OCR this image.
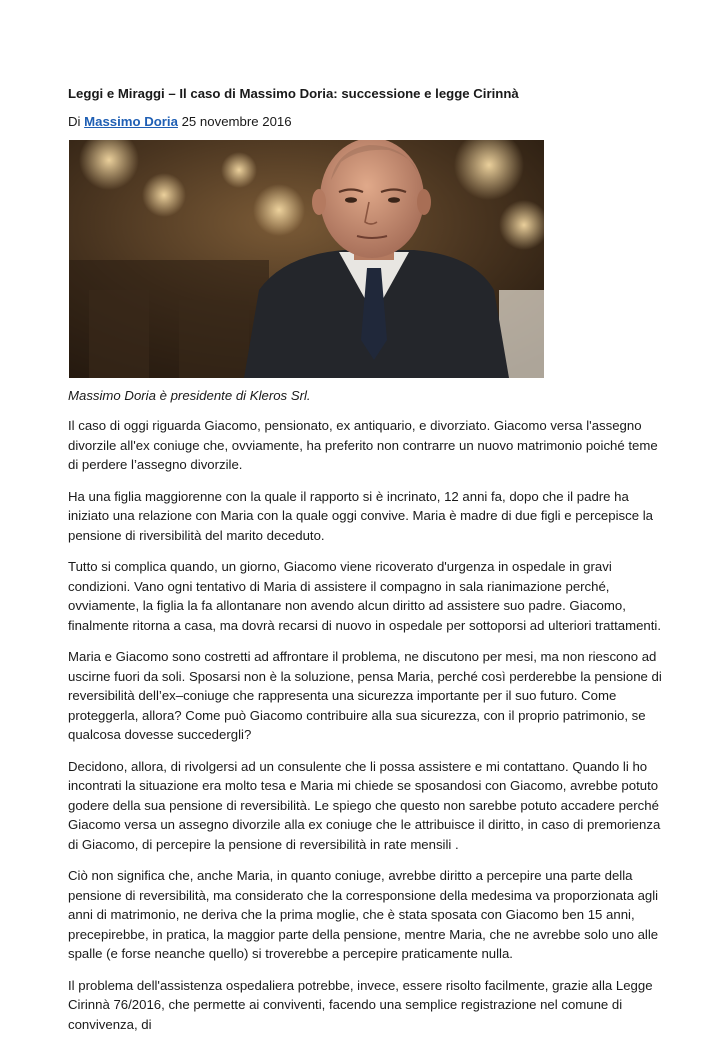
Leggi e Miraggi – Il caso di Massimo Doria: successione e legge Cirinnà

Di Massimo Doria 25 novembre 2016

Massimo Doria è presidente di Kleros Srl.

Il caso di oggi riguarda Giacomo, pensionato, ex antiquario, e divorziato. Giacomo versa l'assegno divorzile all'ex coniuge che, ovviamente, ha preferito non contrarre un nuovo matrimonio poiché teme di perdere l’assegno divorzile.

Ha una figlia maggiorenne con la quale il rapporto si è incrinato, 12 anni fa, dopo che il padre ha iniziato una relazione con Maria con la quale oggi convive. Maria è madre di due figli e percepisce la pensione di riversibilità del marito deceduto.

Tutto si complica quando, un giorno, Giacomo viene ricoverato d'urgenza in ospedale in gravi condizioni. Vano ogni tentativo di Maria di assistere il compagno in sala rianimazione perché, ovviamente, la figlia la fa allontanare non avendo alcun diritto ad assistere suo padre. Giacomo, finalmente ritorna a casa, ma dovrà recarsi di nuovo in ospedale per sottoporsi ad ulteriori trattamenti.

Maria e Giacomo sono costretti ad affrontare il problema, ne discutono per mesi, ma non riescono ad uscirne fuori da soli. Sposarsi non è la soluzione, pensa Maria, perché così perderebbe la pensione di reversibilità dell’ex–coniuge che rappresenta una sicurezza importante per il suo futuro. Come proteggerla, allora? Come può Giacomo contribuire alla sua sicurezza, con il proprio patrimonio, se qualcosa dovesse succedergli?

Decidono, allora, di rivolgersi ad un consulente che li possa assistere e mi contattano. Quando li ho incontrati la situazione era molto tesa e Maria mi chiede se sposandosi con Giacomo, avrebbe potuto godere della sua pensione di reversibilità. Le spiego che questo non sarebbe potuto accadere perché Giacomo versa un assegno divorzile alla ex coniuge che le attribuisce il diritto, in caso di premorienza di Giacomo, di percepire la pensione di reversibilità in rate mensili .

Ciò non significa che, anche Maria, in quanto coniuge, avrebbe diritto a percepire una parte della pensione di reversibilità, ma considerato che la corresponsione della medesima va proporzionata agli anni di matrimonio, ne deriva che la prima moglie, che è stata sposata con Giacomo ben 15 anni, precepirebbe, in pratica, la maggior parte della pensione, mentre Maria, che ne avrebbe solo uno alle spalle (e forse neanche quello) si troverebbe a percepire praticamente nulla.

Il problema dell'assistenza ospedaliera potrebbe, invece, essere risolto facilmente, grazie alla Legge Cirinnà 76/2016, che permette ai conviventi, facendo una semplice registrazione nel comune di convivenza, di
